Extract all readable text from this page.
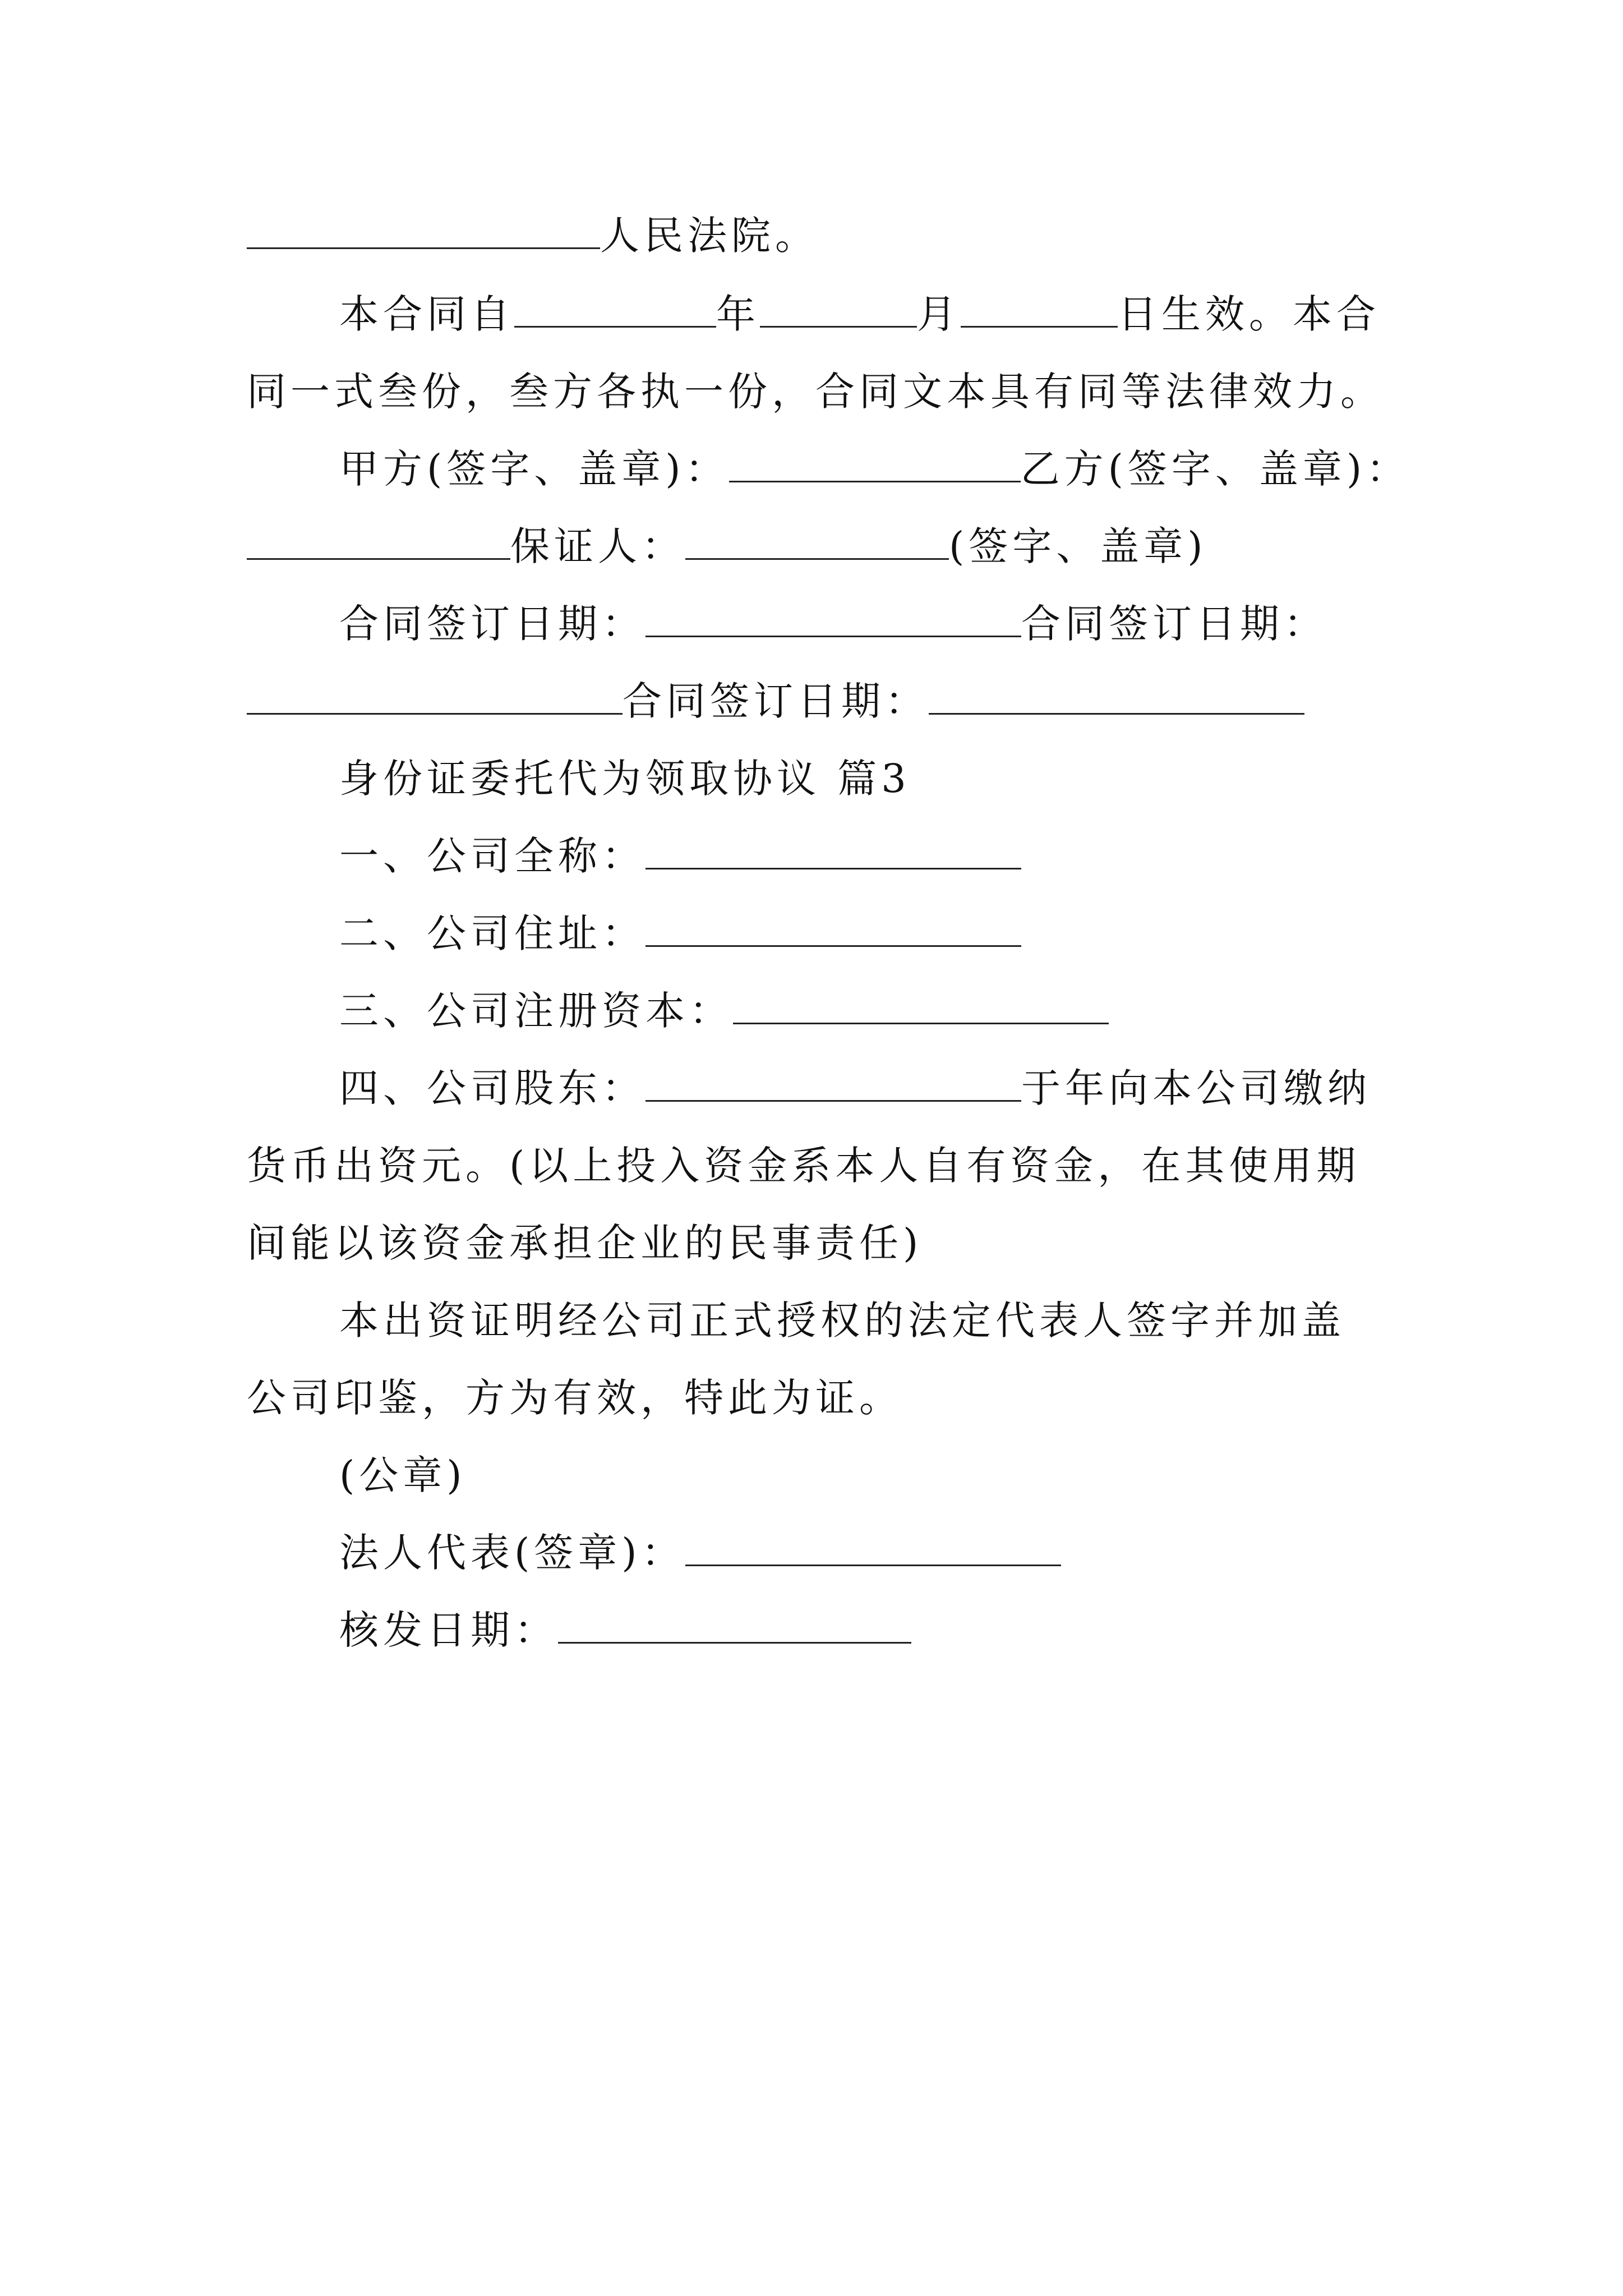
人民法院。
本合同自	年	月	日生效。本合
同一式叁份，叁方各执一份，合同文本具有同等法律效力。
甲方(签字、盖章)：	乙方(签字、盖章)：
保证人：	(签字、盖章)
合同签订日期：	合同签订日期：
合同签订日期：
身份证委托代为领取协议 篇3
一、公司全称：
二、公司住址：
三、公司注册资本：
四、公司股东：	于年向本公司缴纳
货币出资元。(以上投入资金系本人自有资金，在其使用期
间能以该资金承担企业的民事责任)
本出资证明经公司正式授权的法定代表人签字并加盖
公司印鉴，方为有效，特此为证。
(公章)
法人代表(签章)：
核发日期：
